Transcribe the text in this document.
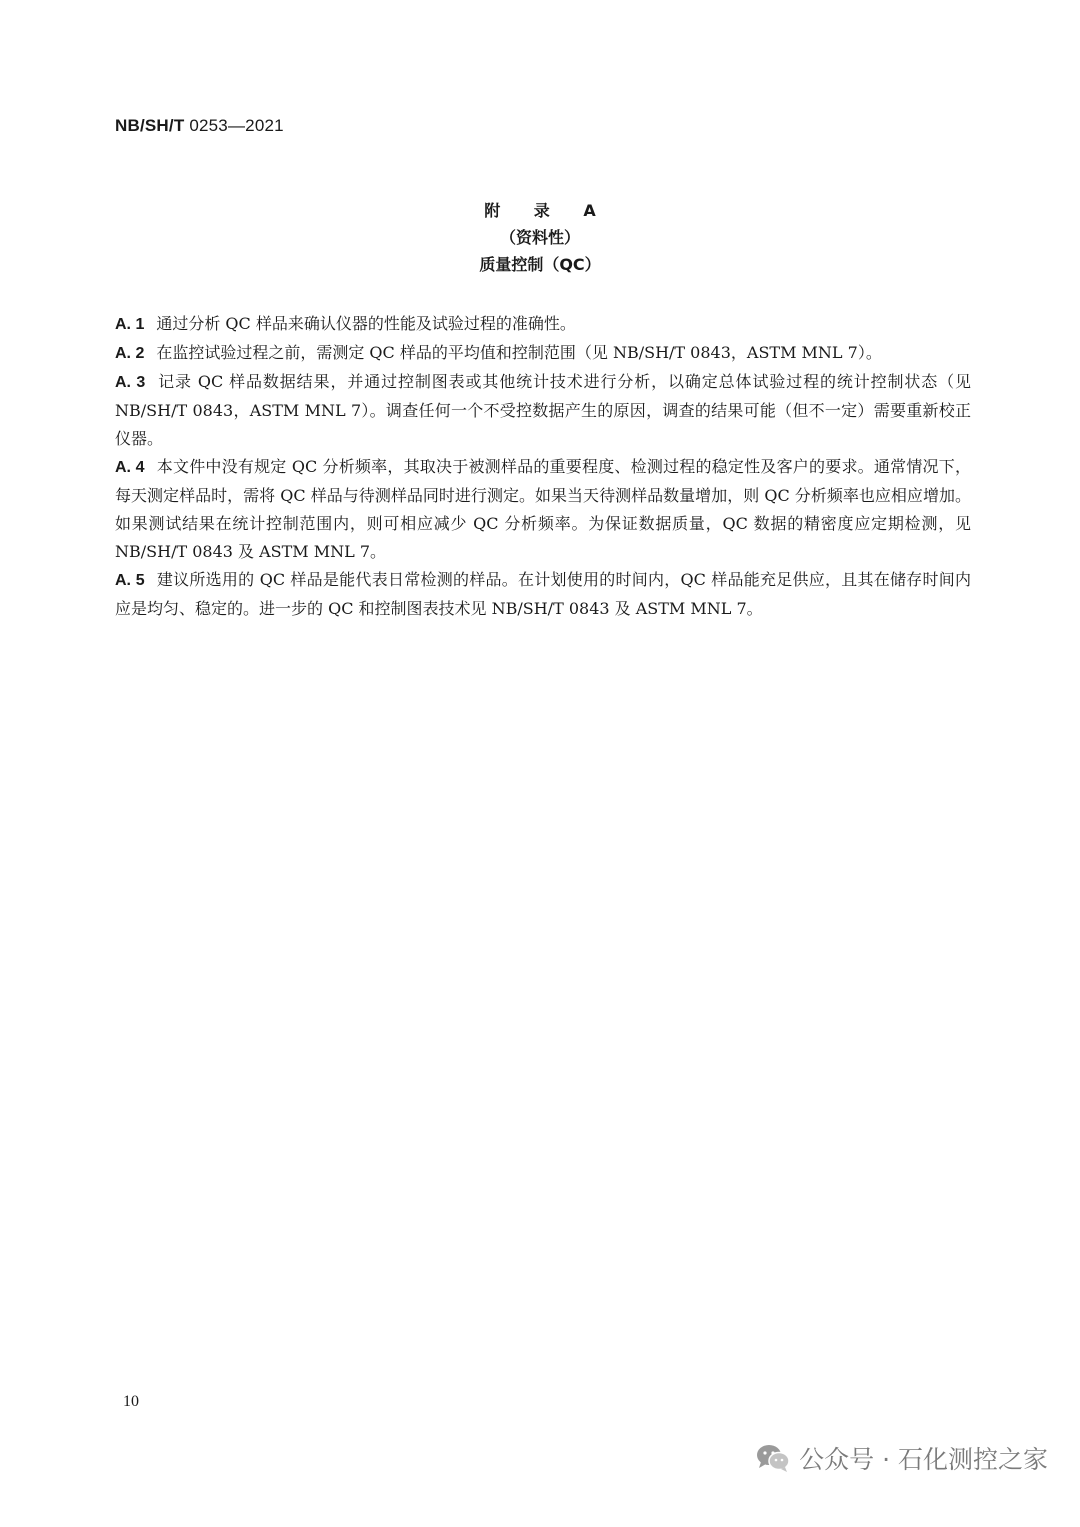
NB/SH/T 0253—2021
附 录 A
（资料性）
质量控制（QC）

A. 1 通过分析 QC 样品来确认仪器的性能及试验过程的准确性。

A. 2 在监控试验过程之前，需测定 QC 样品的平均值和控制范围（见 NB/SH/T 0843，ASTM MNL 7）。

A. 3 记录 QC 样品数据结果，并通过控制图表或其他统计技术进行分析，以确定总体试验过程的统计控制状态（见 NB/SH/T 0843，ASTM MNL 7）。调查任何一个不受控数据产生的原因，调查的结果可能（但不一定）需要重新校正仪器。

A. 4 本文件中没有规定 QC 分析频率，其取决于被测样品的重要程度、检测过程的稳定性及客户的要求。通常情况下，每天测定样品时，需将 QC 样品与待测样品同时进行测定。如果当天待测样品数量增加，则 QC 分析频率也应相应增加。如果测试结果在统计控制范围内，则可相应减少 QC 分析频率。为保证数据质量，QC 数据的精密度应定期检测，见 NB/SH/T 0843 及 ASTM MNL 7。

A. 5 建议所选用的 QC 样品是能代表日常检测的样品。在计划使用的时间内，QC 样品能充足供应，且其在储存时间内应是均匀、稳定的。进一步的 QC 和控制图表技术见 NB/SH/T 0843 及 ASTM MNL 7。

10
公众号 · 石化测控之家
